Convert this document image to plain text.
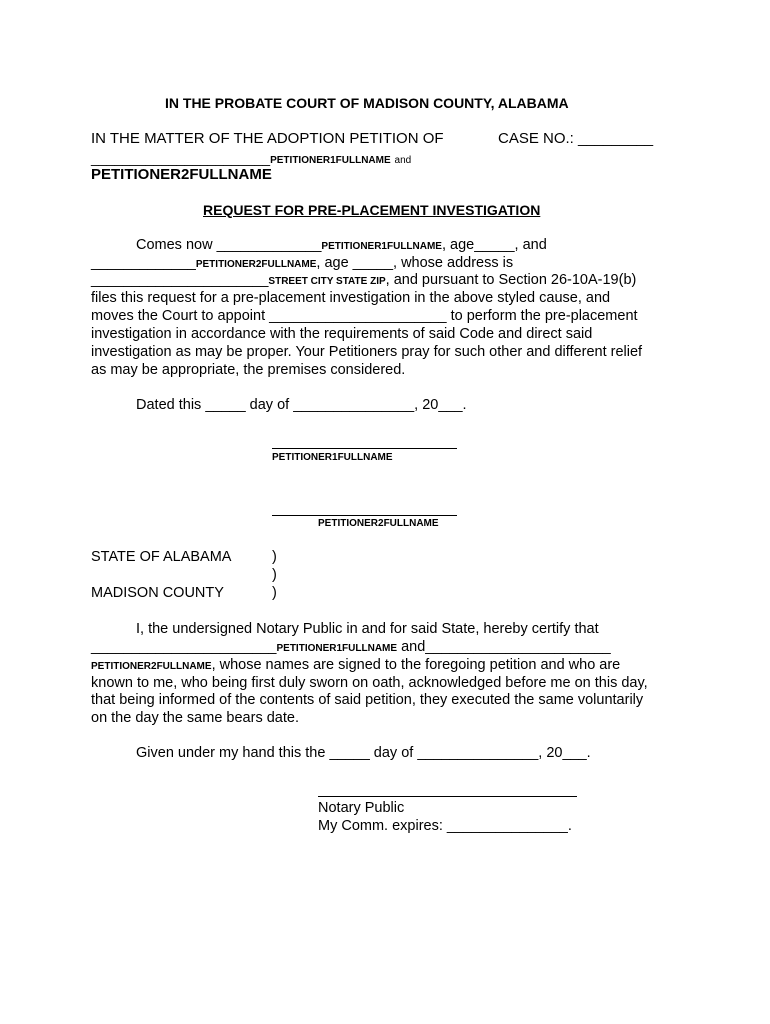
IN THE PROBATE COURT OF MADISON COUNTY, ALABAMA
IN THE MATTER OF THE ADOPTION PETITION OF	CASE NO.: _________
_______________________PETITIONER1FULLNAME and
PETITIONER2FULLNAME
REQUEST FOR PRE-PLACEMENT INVESTIGATION
Comes now _____________PETITIONER1FULLNAME, age_____, and
_____________PETITIONER2FULLNAME, age _____, whose address is
______________________STREET CITY STATE ZIP, and pursuant to Section 26-10A-19(b)
files this request for a pre-placement investigation in the above styled cause, and
moves the Court to appoint ______________________ to perform the pre-placement
investigation in accordance with the requirements of said Code and direct said
investigation as may be proper. Your Petitioners pray for such other and different relief
as may be appropriate, the premises considered.
Dated this _____ day of _______________, 20___.
PETITIONER1FULLNAME
PETITIONER2FULLNAME
STATE OF ALABAMA	)
)
MADISON COUNTY	)
I, the undersigned Notary Public in and for said State, hereby certify that
_______________________PETITIONER1FULLNAME and_______________________
PETITIONER2FULLNAME, whose names are signed to the foregoing petition and who are
known to me, who being first duly sworn on oath, acknowledged before me on this day,
that being informed of the contents of said petition, they executed the same voluntarily
on the day the same bears date.
Given under my hand this the _____ day of _______________, 20___.
Notary Public
My Comm. expires: _______________.
